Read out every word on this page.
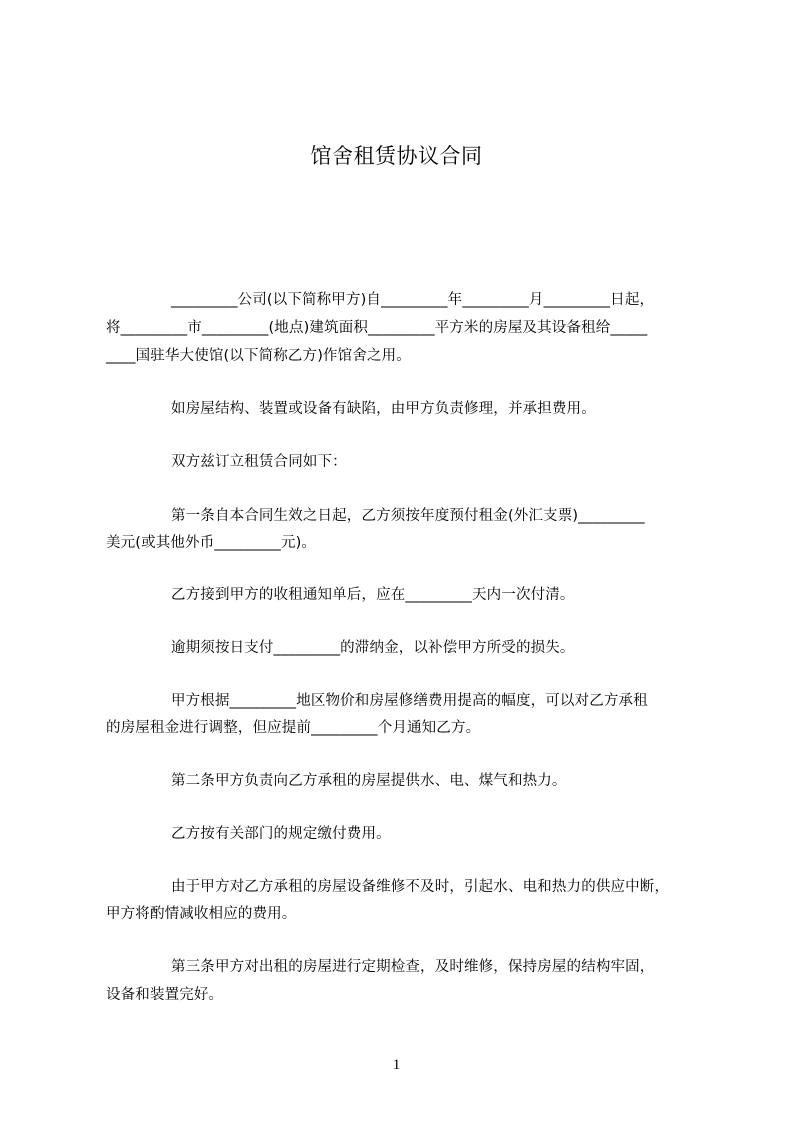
馆舍租赁协议合同
_________公司(以下简称甲方)自_________年_________月_________日起，
将_________市_________(地点)建筑面积_________平方米的房屋及其设备租给_____
____国驻华大使馆(以下简称乙方)作馆舍之用。
如房屋结构、装置或设备有缺陷，由甲方负责修理，并承担费用。
双方兹订立租赁合同如下：
第一条自本合同生效之日起，乙方须按年度预付租金(外汇支票)_________
美元(或其他外币_________元)。
乙方接到甲方的收租通知单后，应在_________天内一次付清。
逾期须按日支付_________的滞纳金，以补偿甲方所受的损失。
甲方根据_________地区物价和房屋修缮费用提高的幅度，可以对乙方承租
的房屋租金进行调整，但应提前_________个月通知乙方。
第二条甲方负责向乙方承租的房屋提供水、电、煤气和热力。
乙方按有关部门的规定缴付费用。
由于甲方对乙方承租的房屋设备维修不及时，引起水、电和热力的供应中断，
甲方将酌情减收相应的费用。
第三条甲方对出租的房屋进行定期检查，及时维修，保持房屋的结构牢固，
设备和装置完好。
1
